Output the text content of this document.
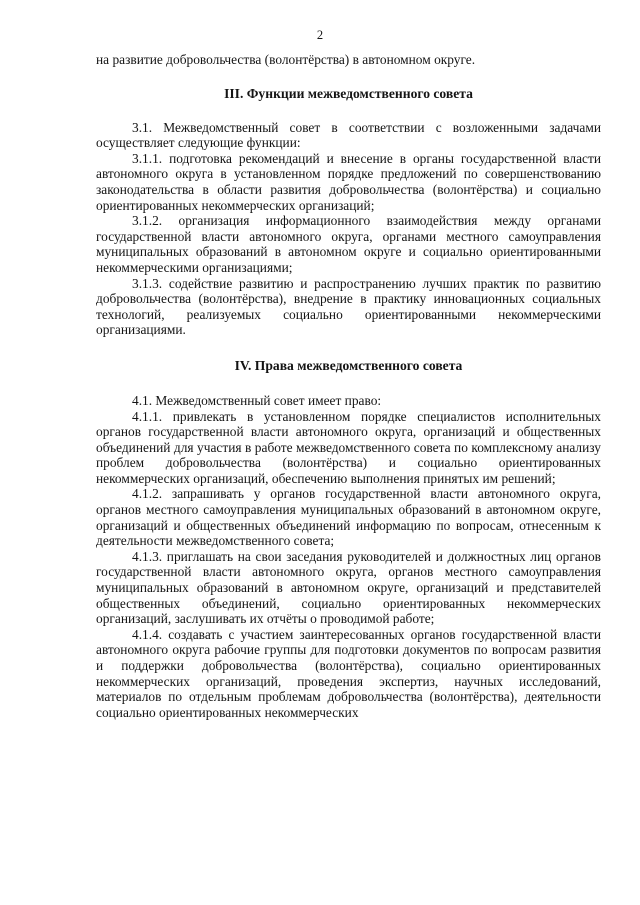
2

на развитие добровольчества (волонтёрства) в автономном округе.

III. Функции межведомственного совета

3.1. Межведомственный совет в соответствии с возложенными задачами осуществляет следующие функции:

3.1.1. подготовка рекомендаций и внесение в органы государственной власти автономного округа в установленном порядке предложений по совершенствованию законодательства в области развития добровольчества (волонтёрства) и социально ориентированных некоммерческих организаций;

3.1.2. организация информационного взаимодействия между органами государственной власти автономного округа, органами местного самоуправления муниципальных образований в автономном округе и социально ориентированными некоммерческими организациями;

3.1.3. содействие развитию и распространению лучших практик по развитию добровольчества (волонтёрства), внедрение в практику инновационных социальных технологий, реализуемых социально ориентированными некоммерческими организациями.

IV. Права межведомственного совета

4.1. Межведомственный совет имеет право:

4.1.1. привлекать в установленном порядке специалистов исполнительных органов государственной власти автономного округа, организаций и общественных объединений для участия в работе межведомственного совета по комплексному анализу проблем добровольчества (волонтёрства) и социально ориентированных некоммерческих организаций, обеспечению выполнения принятых им решений;

4.1.2. запрашивать у органов государственной власти автономного округа, органов местного самоуправления муниципальных образований в автономном округе, организаций и общественных объединений информацию по вопросам, отнесенным к деятельности межведомственного совета;

4.1.3. приглашать на свои заседания руководителей и должностных лиц органов государственной власти автономного округа, органов местного самоуправления муниципальных образований в автономном округе, организаций и представителей общественных объединений, социально ориентированных некоммерческих организаций, заслушивать их отчёты о проводимой работе;

4.1.4. создавать с участием заинтересованных органов государственной власти автономного округа рабочие группы для подготовки документов по вопросам развития и поддержки добровольчества (волонтёрства), социально ориентированных некоммерческих организаций, проведения экспертиз, научных исследований, материалов по отдельным проблемам добровольчества (волонтёрства), деятельности социально ориентированных некоммерческих
